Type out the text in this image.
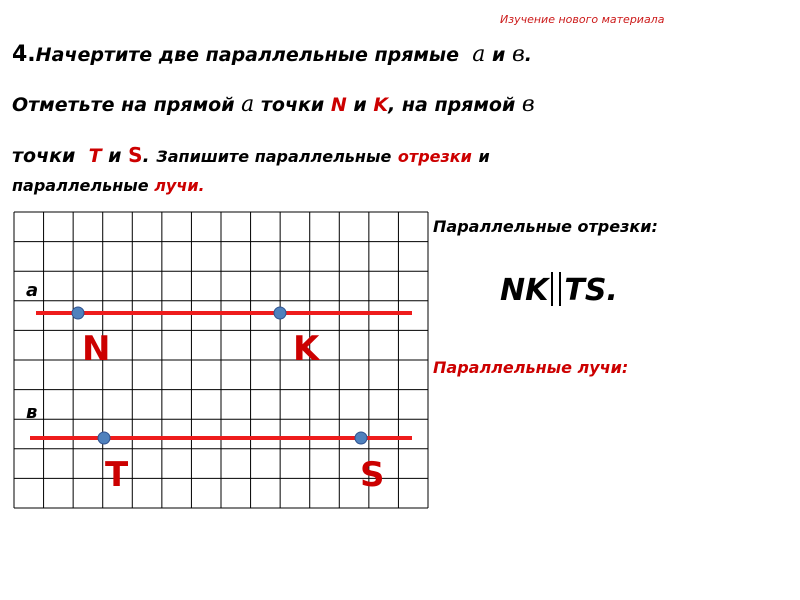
Изучение нового материала
4.Начертите две параллельные прямые а и в.
Отметьте на прямой а точки N и K, на прямой в
точки T и S. Запишите параллельные отрезки и
параллельные лучи.
а
в
N	K
T	S
Параллельные отрезки:
NK TS.
Параллельные лучи:
